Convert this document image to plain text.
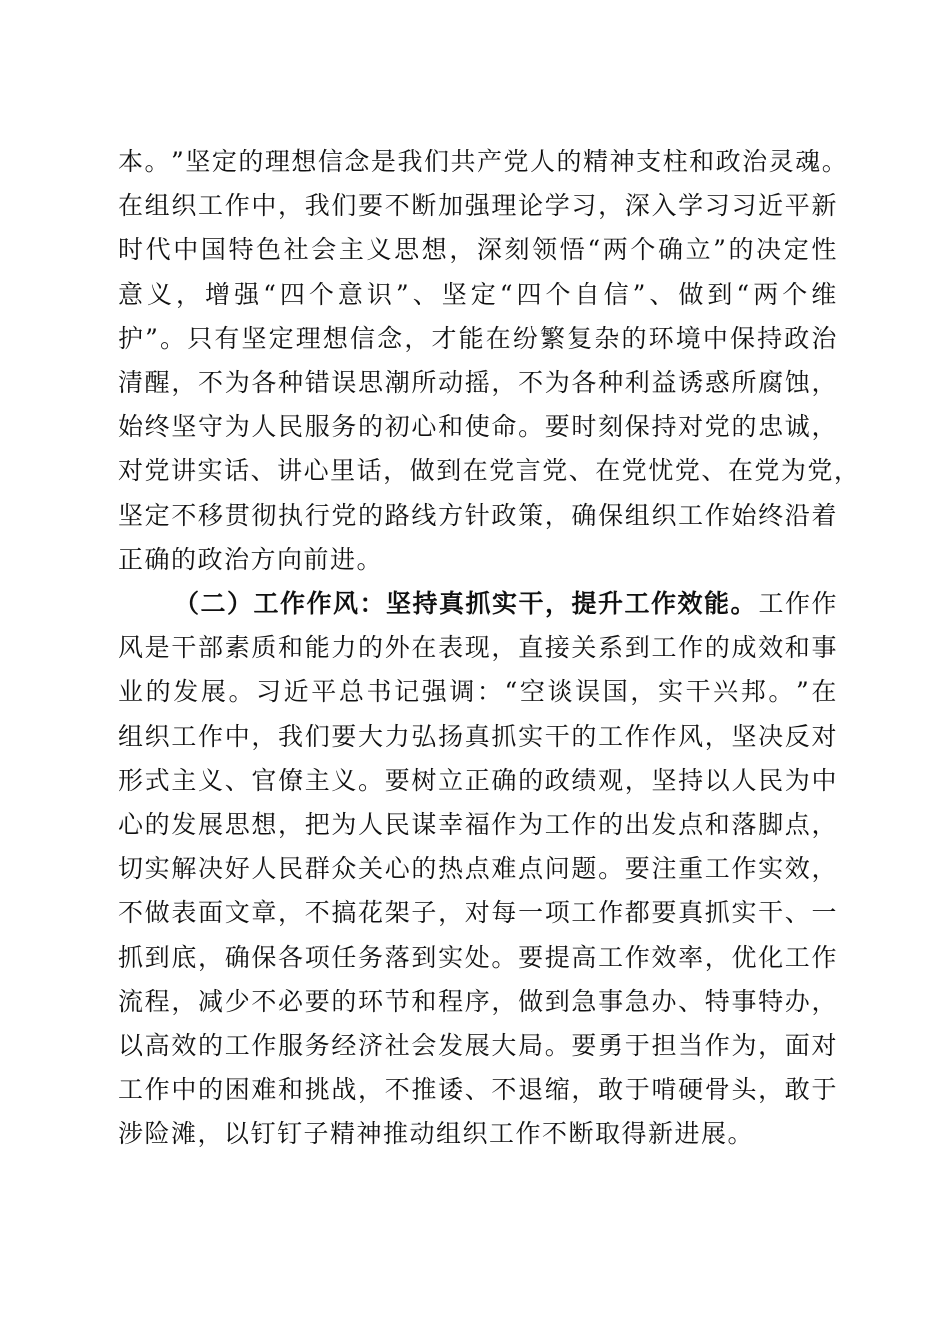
本 。 ” 坚 定 的 理 想 信 念 是 我 们 共 产 党 人 的 精 神 支 柱 和 政 治 灵 魂 。
在 组 织 工 作 中 ， 我 们 要 不 断 加 强 理 论 学 习 ， 深 入 学 习 习 近 平 新
时 代 中 国 特 色 社 会 主 义 思 想 ， 深 刻 领 悟 “ 两 个 确 立 ” 的 决 定 性
意 义 ， 增 强 “ 四 个 意 识 ” 、 坚 定 “ 四 个 自 信 ” 、 做 到 “ 两 个 维
护 ” 。 只 有 坚 定 理 想 信 念 ， 才 能 在 纷 繁 复 杂 的 环 境 中 保 持 政 治
清 醒 ， 不 为 各 种 错 误 思 潮 所 动 摇 ， 不 为 各 种 利 益 诱 惑 所 腐 蚀 ，
始 终 坚 守 为 人 民 服 务 的 初 心 和 使 命 。 要 时 刻 保 持 对 党 的 忠 诚 ，
对 党 讲 实 话 、 讲 心 里 话 ， 做 到 在 党 言 党 、 在 党 忧 党 、 在 党 为 党 ，
坚 定 不 移 贯 彻 执 行 党 的 路 线 方 针 政 策 ， 确 保 组 织 工 作 始 终 沿 着
正确的政治方向前进。
（二）工作作风：坚持真抓实干，提升工作效能。 工作作
风 是 干 部 素 质 和 能 力 的 外 在 表 现 ， 直 接 关 系 到 工 作 的 成 效 和 事
业 的 发 展 。 习 近 平 总 书 记 强 调 ： “ 空 谈 误 国 ， 实 干 兴 邦 。 ” 在
组 织 工 作 中 ， 我 们 要 大 力 弘 扬 真 抓 实 干 的 工 作 作 风 ， 坚 决 反 对
形 式 主 义 、 官 僚 主 义 。 要 树 立 正 确 的 政 绩 观 ， 坚 持 以 人 民 为 中
心 的 发 展 思 想 ， 把 为 人 民 谋 幸 福 作 为 工 作 的 出 发 点 和 落 脚 点 ，
切 实 解 决 好 人 民 群 众 关 心 的 热 点 难 点 问 题 。 要 注 重 工 作 实 效 ，
不 做 表 面 文 章 ， 不 搞 花 架 子 ， 对 每 一 项 工 作 都 要 真 抓 实 干 、 一
抓 到 底 ， 确 保 各 项 任 务 落 到 实 处 。 要 提 高 工 作 效 率 ， 优 化 工 作
流 程 ， 减 少 不 必 要 的 环 节 和 程 序 ， 做 到 急 事 急 办 、 特 事 特 办 ，
以 高 效 的 工 作 服 务 经 济 社 会 发 展 大 局 。 要 勇 于 担 当 作 为 ， 面 对
工 作 中 的 困 难 和 挑 战 ， 不 推 诿 、 不 退 缩 ， 敢 于 啃 硬 骨 头 ， 敢 于
涉险滩，以钉钉子精神推动组织工作不断取得新进展。
